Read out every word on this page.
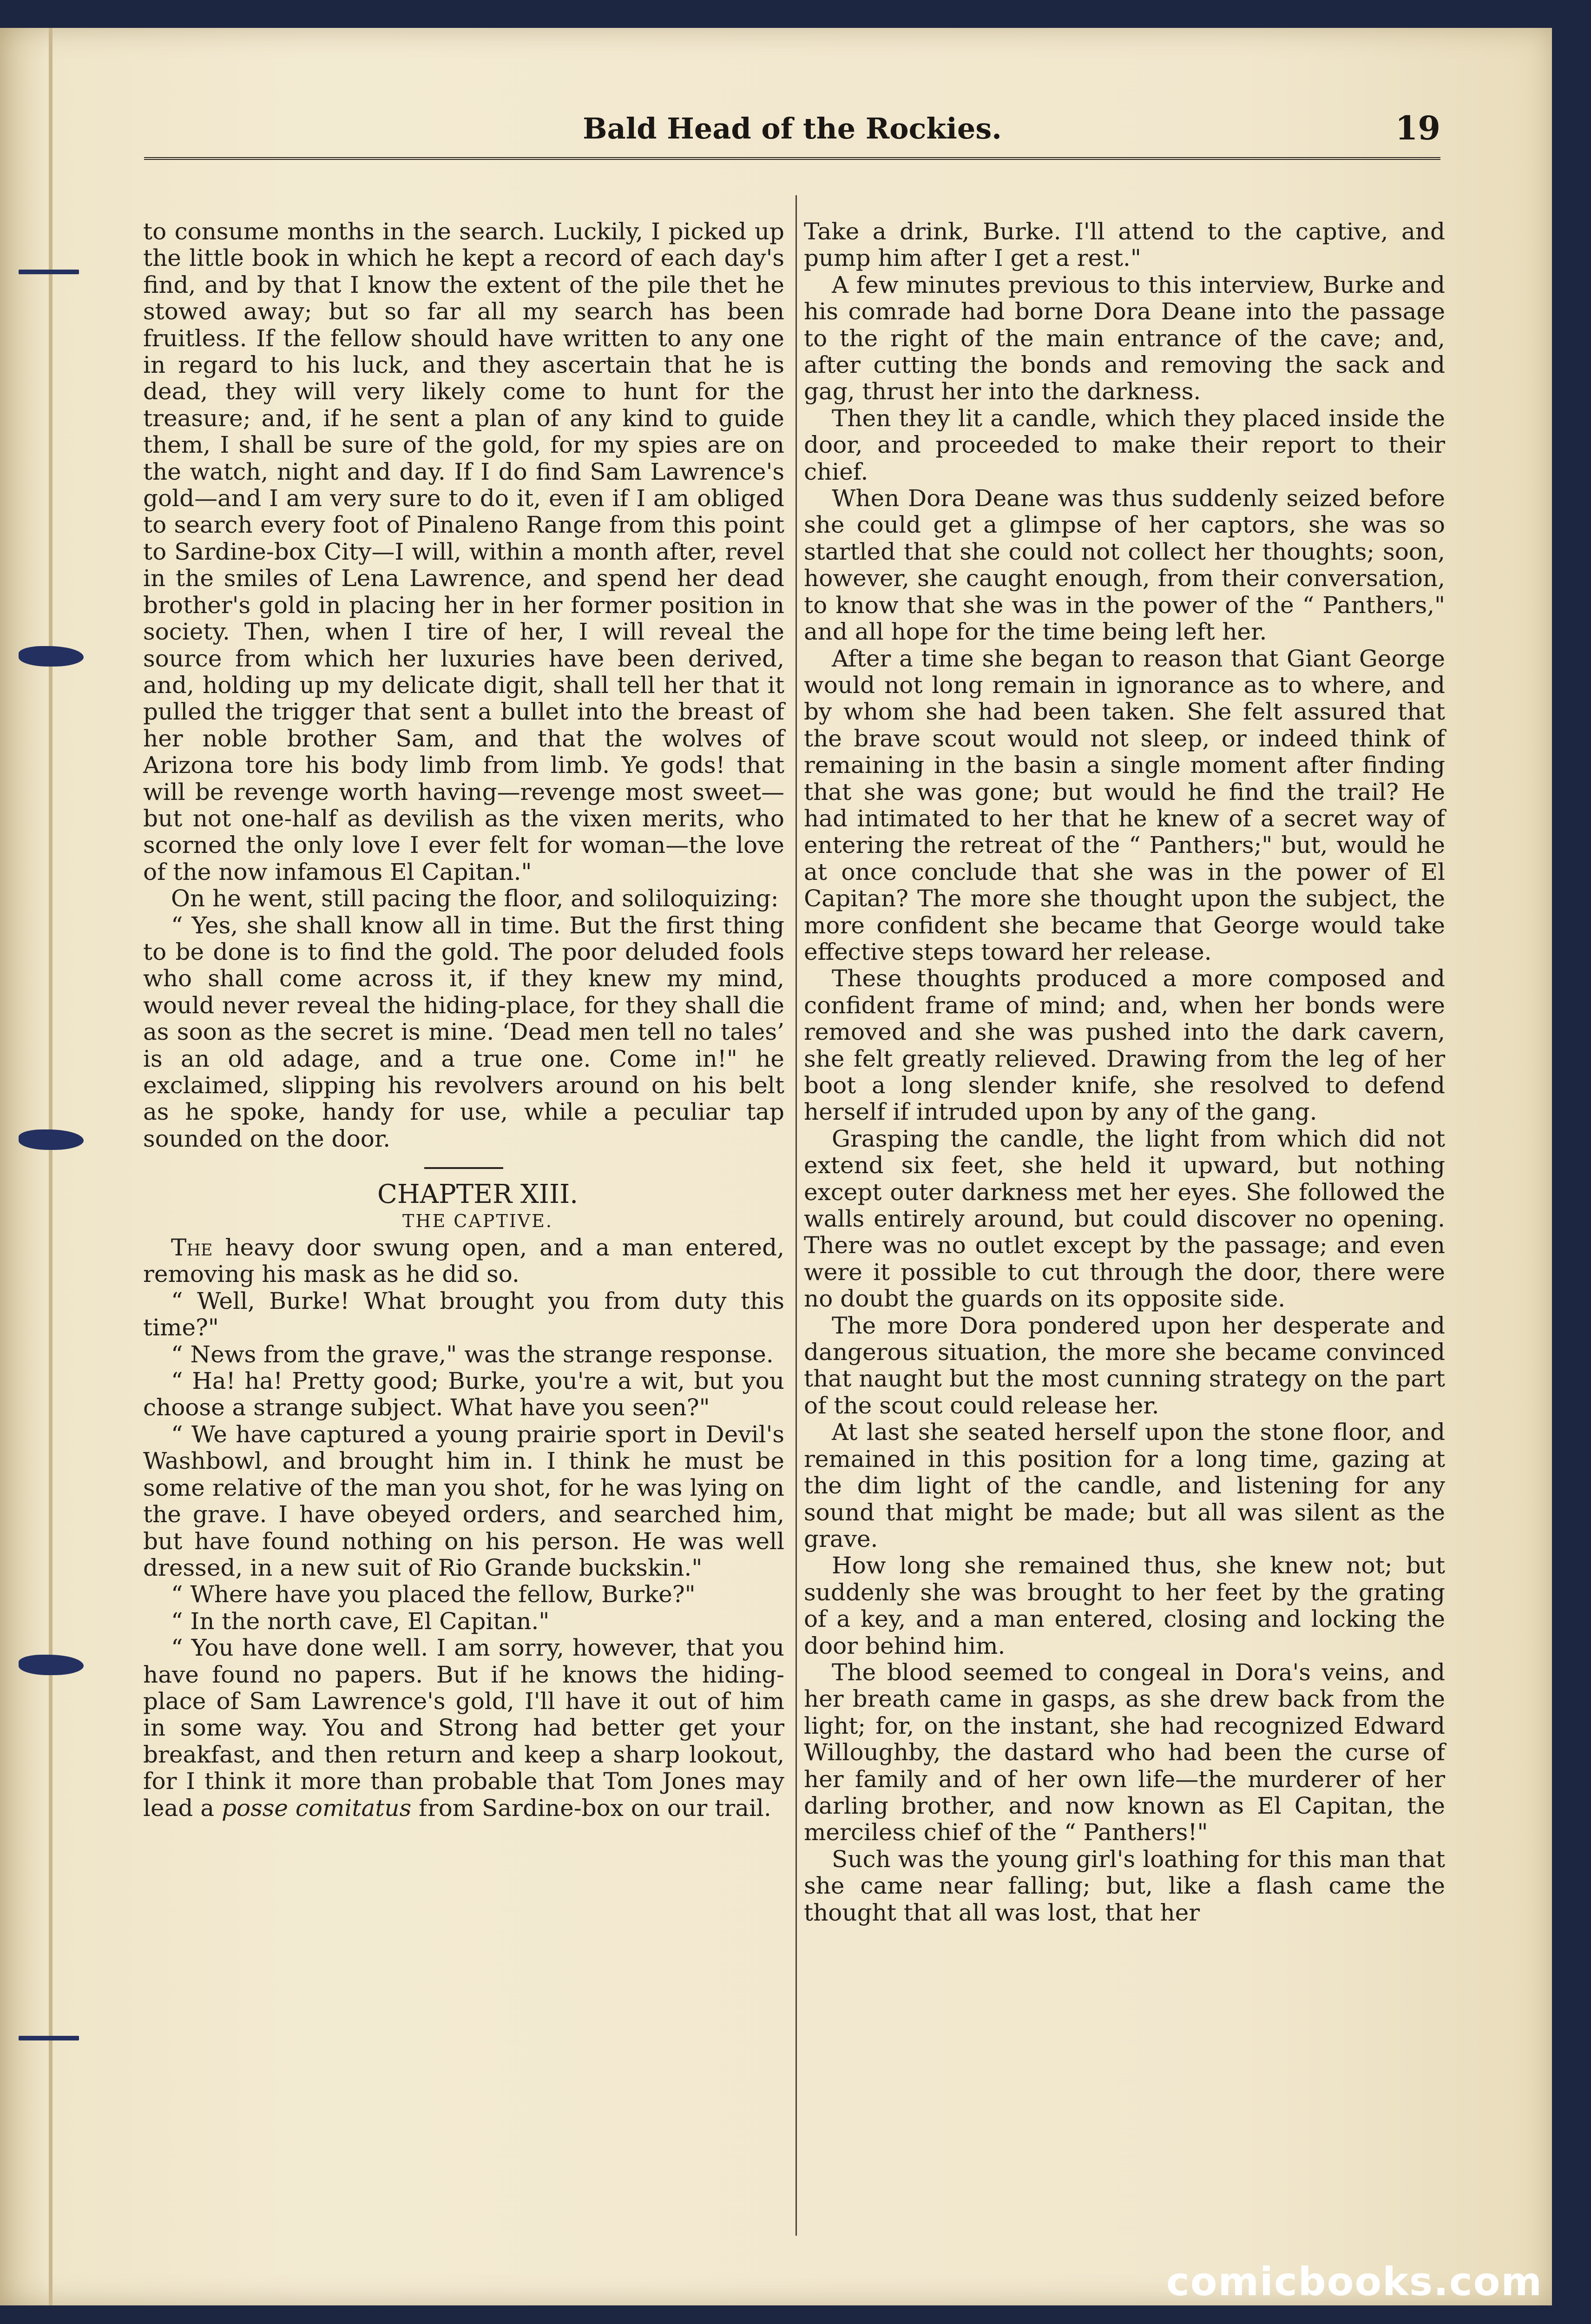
Bald Head of the Rockies.	19

to consume months in the search. Luckily, I picked up the little book in which he kept a record of each day's find, and by that I know the extent of the pile thet he stowed away; but so far all my search has been fruitless. If the fellow should have written to any one in regard to his luck, and they ascertain that he is dead, they will very likely come to hunt for the treasure; and, if he sent a plan of any kind to guide them, I shall be sure of the gold, for my spies are on the watch, night and day. If I do find Sam Lawrence's gold—and I am very sure to do it, even if I am obliged to search every foot of Pinaleno Range from this point to Sardine-box City—I will, within a month after, revel in the smiles of Lena Lawrence, and spend her dead brother's gold in placing her in her former position in society. Then, when I tire of her, I will reveal the source from which her luxuries have been derived, and, holding up my delicate digit, shall tell her that it pulled the trigger that sent a bullet into the breast of her noble brother Sam, and that the wolves of Arizona tore his body limb from limb. Ye gods! that will be revenge worth having—revenge most sweet—but not one-half as devilish as the vixen merits, who scorned the only love I ever felt for woman—the love of the now infamous El Capitan."

On he went, still pacing the floor, and soliloquizing:

“ Yes, she shall know all in time. But the first thing to be done is to find the gold. The poor deluded fools who shall come across it, if they knew my mind, would never reveal the hiding-place, for they shall die as soon as the secret is mine. ‘Dead men tell no tales’ is an old adage, and a true one. Come in!" he exclaimed, slipping his revolvers around on his belt as he spoke, handy for use, while a peculiar tap sounded on the door.

CHAPTER XIII.

THE CAPTIVE.

The heavy door swung open, and a man entered, removing his mask as he did so.

“ Well, Burke! What brought you from duty this time?"

“ News from the grave," was the strange response.

“ Ha! ha! Pretty good; Burke, you're a wit, but you choose a strange subject. What have you seen?"

“ We have captured a young prairie sport in Devil's Washbowl, and brought him in. I think he must be some relative of the man you shot, for he was lying on the grave. I have obeyed orders, and searched him, but have found nothing on his person. He was well dressed, in a new suit of Rio Grande buckskin."

“ Where have you placed the fellow, Burke?"

“ In the north cave, El Capitan."

“ You have done well. I am sorry, however, that you have found no papers. But if he knows the hiding-place of Sam Lawrence's gold, I'll have it out of him in some way. You and Strong had better get your breakfast, and then return and keep a sharp lookout, for I think it more than probable that Tom Jones may lead a posse comitatus from Sardine-box on our trail.

Take a drink, Burke. I'll attend to the captive, and pump him after I get a rest."

A few minutes previous to this interview, Burke and his comrade had borne Dora Deane into the passage to the right of the main entrance of the cave; and, after cutting the bonds and removing the sack and gag, thrust her into the darkness.

Then they lit a candle, which they placed inside the door, and proceeded to make their report to their chief.

When Dora Deane was thus suddenly seized before she could get a glimpse of her captors, she was so startled that she could not collect her thoughts; soon, however, she caught enough, from their conversation, to know that she was in the power of the “ Panthers," and all hope for the time being left her.

After a time she began to reason that Giant George would not long remain in ignorance as to where, and by whom she had been taken. She felt assured that the brave scout would not sleep, or indeed think of remaining in the basin a single moment after finding that she was gone; but would he find the trail? He had intimated to her that he knew of a secret way of entering the retreat of the “ Panthers;" but, would he at once conclude that she was in the power of El Capitan? The more she thought upon the subject, the more confident she became that George would take effective steps toward her release.

These thoughts produced a more composed and confident frame of mind; and, when her bonds were removed and she was pushed into the dark cavern, she felt greatly relieved. Drawing from the leg of her boot a long slender knife, she resolved to defend herself if intruded upon by any of the gang.

Grasping the candle, the light from which did not extend six feet, she held it upward, but nothing except outer darkness met her eyes. She followed the walls entirely around, but could discover no opening. There was no outlet except by the passage; and even were it possible to cut through the door, there were no doubt the guards on its opposite side.

The more Dora pondered upon her desperate and dangerous situation, the more she became convinced that naught but the most cunning strategy on the part of the scout could release her.

At last she seated herself upon the stone floor, and remained in this position for a long time, gazing at the dim light of the candle, and listening for any sound that might be made; but all was silent as the grave.

How long she remained thus, she knew not; but suddenly she was brought to her feet by the grating of a key, and a man entered, closing and locking the door behind him.

The blood seemed to congeal in Dora's veins, and her breath came in gasps, as she drew back from the light; for, on the instant, she had recognized Edward Willoughby, the dastard who had been the curse of her family and of her own life—the murderer of her darling brother, and now known as El Capitan, the merciless chief of the “ Panthers!"

Such was the young girl's loathing for this man that she came near falling; but, like a flash came the thought that all was lost, that her

comicbooks.com
